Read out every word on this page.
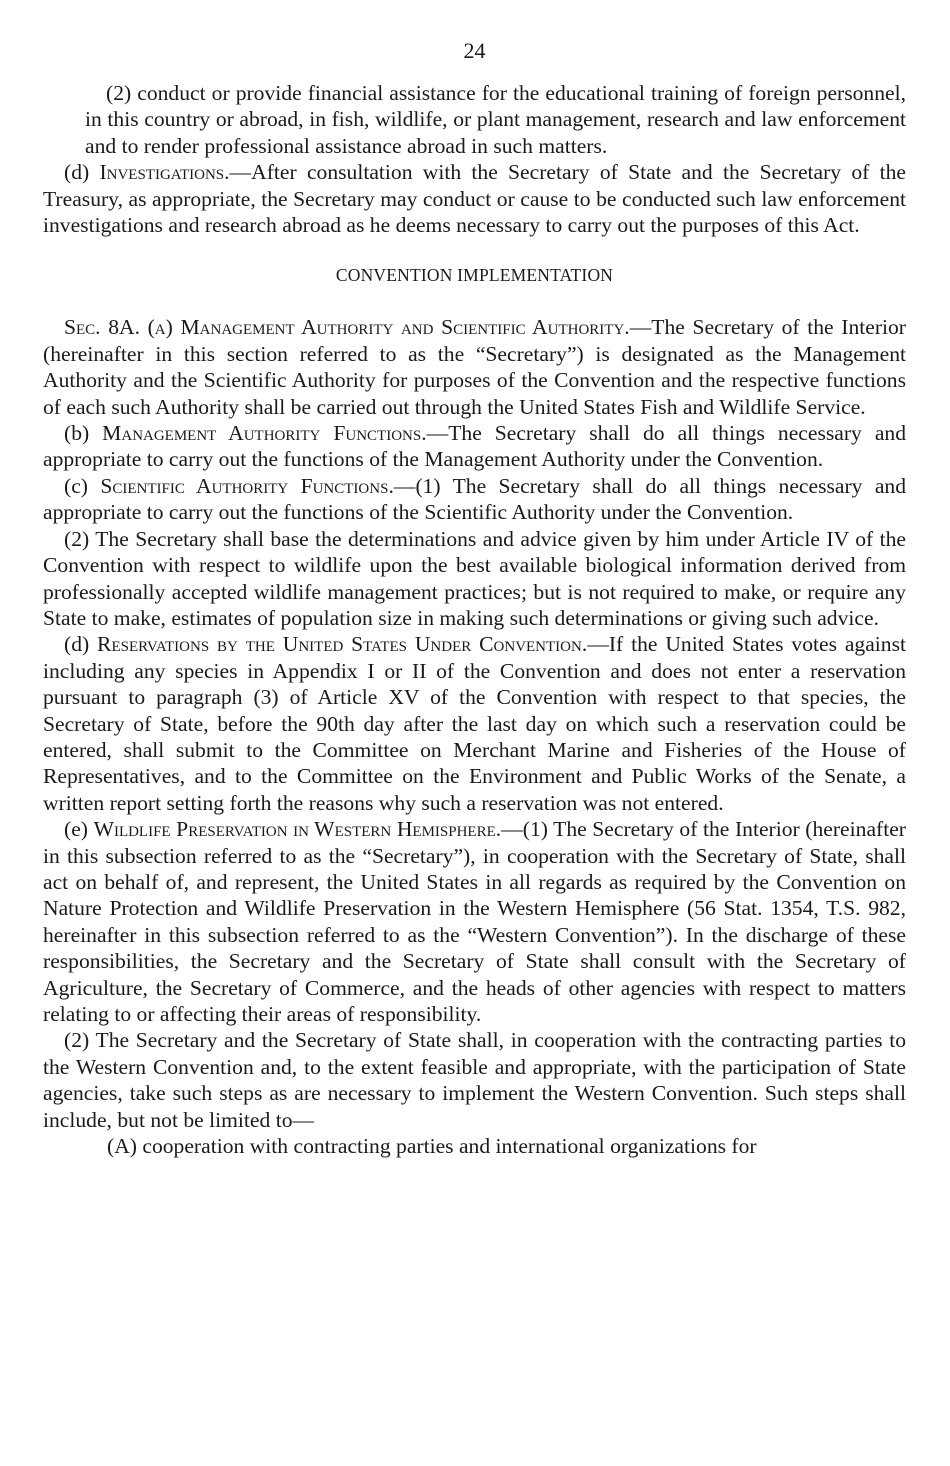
24

(2) conduct or provide financial assistance for the educational training of foreign personnel, in this country or abroad, in fish, wildlife, or plant management, research and law enforcement and to render professional assistance abroad in such matters.

(d) Investigations.—After consultation with the Secretary of State and the Secretary of the Treasury, as appropriate, the Secretary may conduct or cause to be conducted such law enforcement investigations and research abroad as he deems necessary to carry out the purposes of this Act.

CONVENTION IMPLEMENTATION

Sec. 8A. (a) Management Authority and Scientific Authority.—The Secretary of the Interior (hereinafter in this section referred to as the “Secretary”) is designated as the Management Authority and the Scientific Authority for purposes of the Convention and the respective functions of each such Authority shall be carried out through the United States Fish and Wildlife Service.

(b) Management Authority Functions.—The Secretary shall do all things necessary and appropriate to carry out the functions of the Management Authority under the Convention.

(c) Scientific Authority Functions.—(1) The Secretary shall do all things necessary and appropriate to carry out the functions of the Scientific Authority under the Convention.

(2) The Secretary shall base the determinations and advice given by him under Article IV of the Convention with respect to wildlife upon the best available biological information derived from professionally accepted wildlife management practices; but is not required to make, or require any State to make, estimates of population size in making such determinations or giving such advice.

(d) Reservations by the United States Under Convention.—If the United States votes against including any species in Appendix I or II of the Convention and does not enter a reservation pursuant to paragraph (3) of Article XV of the Convention with respect to that species, the Secretary of State, before the 90th day after the last day on which such a reservation could be entered, shall submit to the Committee on Merchant Marine and Fisheries of the House of Representatives, and to the Committee on the Environment and Public Works of the Senate, a written report setting forth the reasons why such a reservation was not entered.

(e) Wildlife Preservation in Western Hemisphere.—(1) The Secretary of the Interior (hereinafter in this subsection referred to as the “Secretary”), in cooperation with the Secretary of State, shall act on behalf of, and represent, the United States in all regards as required by the Convention on Nature Protection and Wildlife Preservation in the Western Hemisphere (56 Stat. 1354, T.S. 982, hereinafter in this subsection referred to as the “Western Convention”). In the discharge of these responsibilities, the Secretary and the Secretary of State shall consult with the Secretary of Agriculture, the Secretary of Commerce, and the heads of other agencies with respect to matters relating to or affecting their areas of responsibility.

(2) The Secretary and the Secretary of State shall, in cooperation with the contracting parties to the Western Convention and, to the extent feasible and appropriate, with the participation of State agencies, take such steps as are necessary to implement the Western Convention. Such steps shall include, but not be limited to—

(A) cooperation with contracting parties and international organizations for
